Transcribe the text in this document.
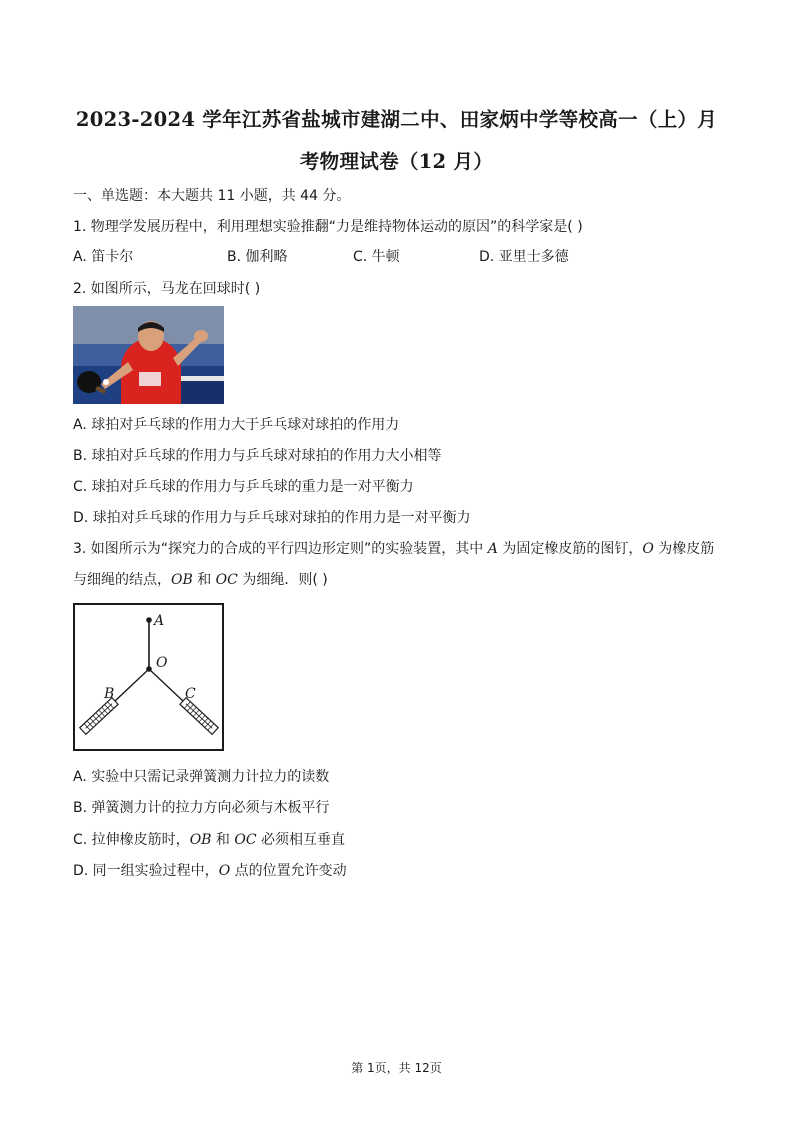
2023-2024 学年江苏省盐城市建湖二中、田家炳中学等校高一（上）月
考物理试卷（12 月）
一、单选题：本大题共 11 小题，共 44 分。
1. 物理学发展历程中，利用理想实验推翻“力是维持物体运动的原因”的科学家是( )
A. 笛卡尔	B. 伽利略	C. 牛顿	D. 亚里士多德
2. 如图所示，马龙在回球时( )
A. 球拍对乒乓球的作用力大于乒乓球对球拍的作用力
B. 球拍对乒乓球的作用力与乒乓球对球拍的作用力大小相等
C. 球拍对乒乓球的作用力与乒乓球的重力是一对平衡力
D. 球拍对乒乓球的作用力与乒乓球对球拍的作用力是一对平衡力
3. 如图所示为“探究力的合成的平行四边形定则”的实验装置，其中 A 为固定橡皮筋的图钉，O 为橡皮筋
与细绳的结点，OB 和 OC 为细绳．则( )
A
O
B	C
A. 实验中只需记录弹簧测力计拉力的读数
B. 弹簧测力计的拉力方向必须与木板平行
C. 拉伸橡皮筋时，OB 和 OC 必须相互垂直
D. 同一组实验过程中，O 点的位置允许变动
第 1页，共 12页
